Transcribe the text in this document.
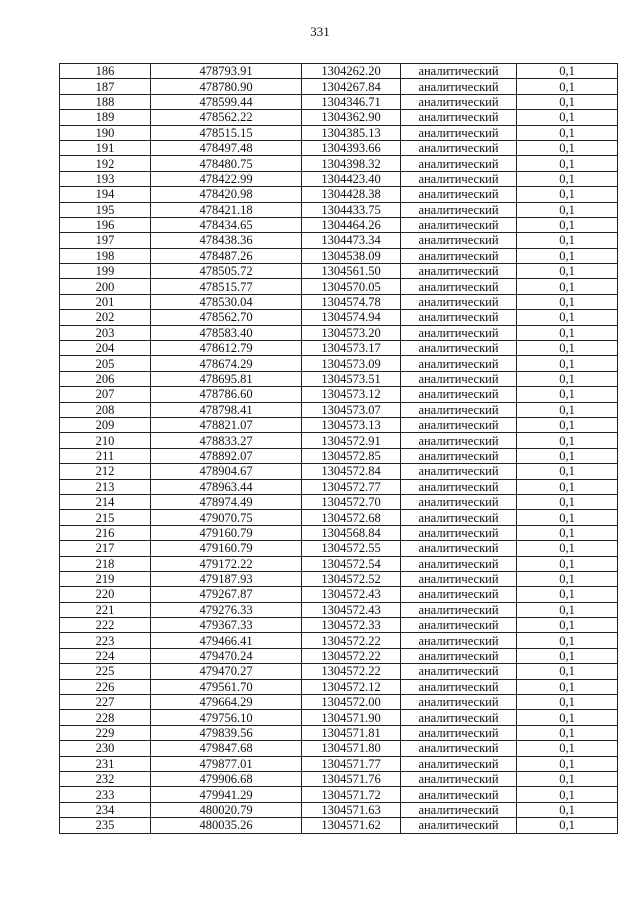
331
186	478793.91	1304262.20	аналитический	0,1
187	478780.90	1304267.84	аналитический	0,1
188	478599.44	1304346.71	аналитический	0,1
189	478562.22	1304362.90	аналитический	0,1
190	478515.15	1304385.13	аналитический	0,1
191	478497.48	1304393.66	аналитический	0,1
192	478480.75	1304398.32	аналитический	0,1
193	478422.99	1304423.40	аналитический	0,1
194	478420.98	1304428.38	аналитический	0,1
195	478421.18	1304433.75	аналитический	0,1
196	478434.65	1304464.26	аналитический	0,1
197	478438.36	1304473.34	аналитический	0,1
198	478487.26	1304538.09	аналитический	0,1
199	478505.72	1304561.50	аналитический	0,1
200	478515.77	1304570.05	аналитический	0,1
201	478530.04	1304574.78	аналитический	0,1
202	478562.70	1304574.94	аналитический	0,1
203	478583.40	1304573.20	аналитический	0,1
204	478612.79	1304573.17	аналитический	0,1
205	478674.29	1304573.09	аналитический	0,1
206	478695.81	1304573.51	аналитический	0,1
207	478786.60	1304573.12	аналитический	0,1
208	478798.41	1304573.07	аналитический	0,1
209	478821.07	1304573.13	аналитический	0,1
210	478833.27	1304572.91	аналитический	0,1
211	478892.07	1304572.85	аналитический	0,1
212	478904.67	1304572.84	аналитический	0,1
213	478963.44	1304572.77	аналитический	0,1
214	478974.49	1304572.70	аналитический	0,1
215	479070.75	1304572.68	аналитический	0,1
216	479160.79	1304568.84	аналитический	0,1
217	479160.79	1304572.55	аналитический	0,1
218	479172.22	1304572.54	аналитический	0,1
219	479187.93	1304572.52	аналитический	0,1
220	479267.87	1304572.43	аналитический	0,1
221	479276.33	1304572.43	аналитический	0,1
222	479367.33	1304572.33	аналитический	0,1
223	479466.41	1304572.22	аналитический	0,1
224	479470.24	1304572.22	аналитический	0,1
225	479470.27	1304572.22	аналитический	0,1
226	479561.70	1304572.12	аналитический	0,1
227	479664.29	1304572.00	аналитический	0,1
228	479756.10	1304571.90	аналитический	0,1
229	479839.56	1304571.81	аналитический	0,1
230	479847.68	1304571.80	аналитический	0,1
231	479877.01	1304571.77	аналитический	0,1
232	479906.68	1304571.76	аналитический	0,1
233	479941.29	1304571.72	аналитический	0,1
234	480020.79	1304571.63	аналитический	0,1
235	480035.26	1304571.62	аналитический	0,1
